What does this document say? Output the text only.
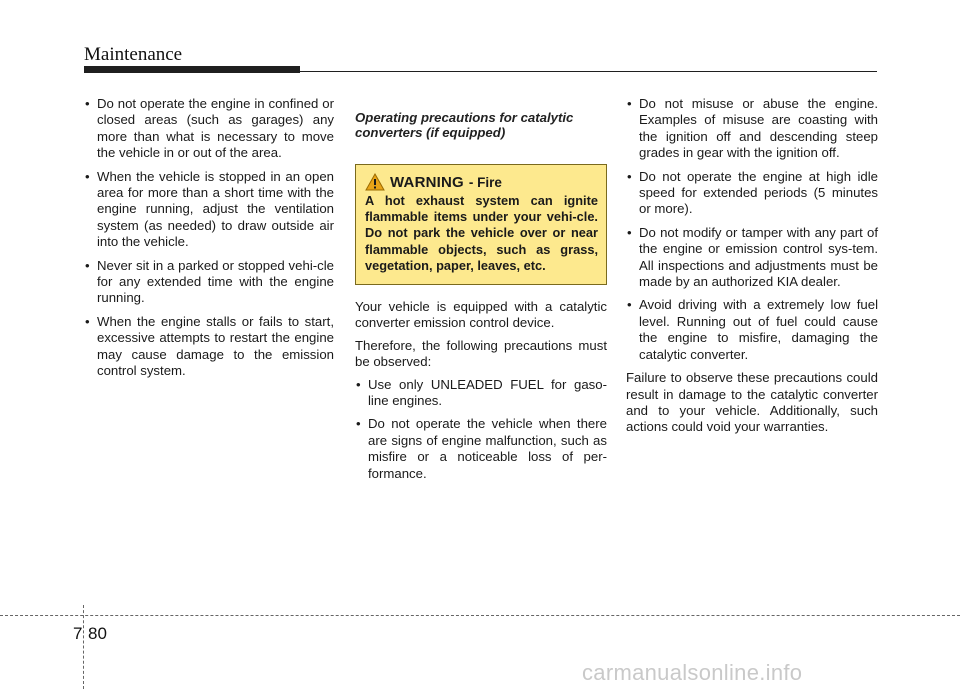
Maintenance
• Do not operate the engine in confined or closed areas (such as garages) any more than what is necessary to move the vehicle in or out of the area.
• When the vehicle is stopped in an open area for more than a short time with the engine running, adjust the ventilation system (as needed) to draw outside air into the vehicle.
• Never sit in a parked or stopped vehi-cle for any extended time with the engine running.
• When the engine stalls or fails to start, excessive attempts to restart the engine may cause damage to the emission control system.
Operating precautions for catalytic converters (if equipped)
WARNING - Fire

A hot exhaust system can ignite flammable items under your vehi-cle. Do not park the vehicle over or near flammable objects, such as grass, vegetation, paper, leaves, etc.

Your vehicle is equipped with a catalytic converter emission control device.

Therefore, the following precautions must be observed:

• Use only UNLEADED FUEL for gaso-line engines.
• Do not operate the vehicle when there are signs of engine malfunction, such as misfire or a noticeable loss of per-formance.
• Do not misuse or abuse the engine. Examples of misuse are coasting with the ignition off and descending steep grades in gear with the ignition off.
• Do not operate the engine at high idle speed for extended periods (5 minutes or more).
• Do not modify or tamper with any part of the engine or emission control sys-tem. All inspections and adjustments must be made by an authorized KIA dealer.
• Avoid driving with a extremely low fuel level. Running out of fuel could cause the engine to misfire, damaging the catalytic converter.

Failure to observe these precautions could result in damage to the catalytic converter and to your vehicle. Additionally, such actions could void your warranties.

7 80
carmanualsonline.info
